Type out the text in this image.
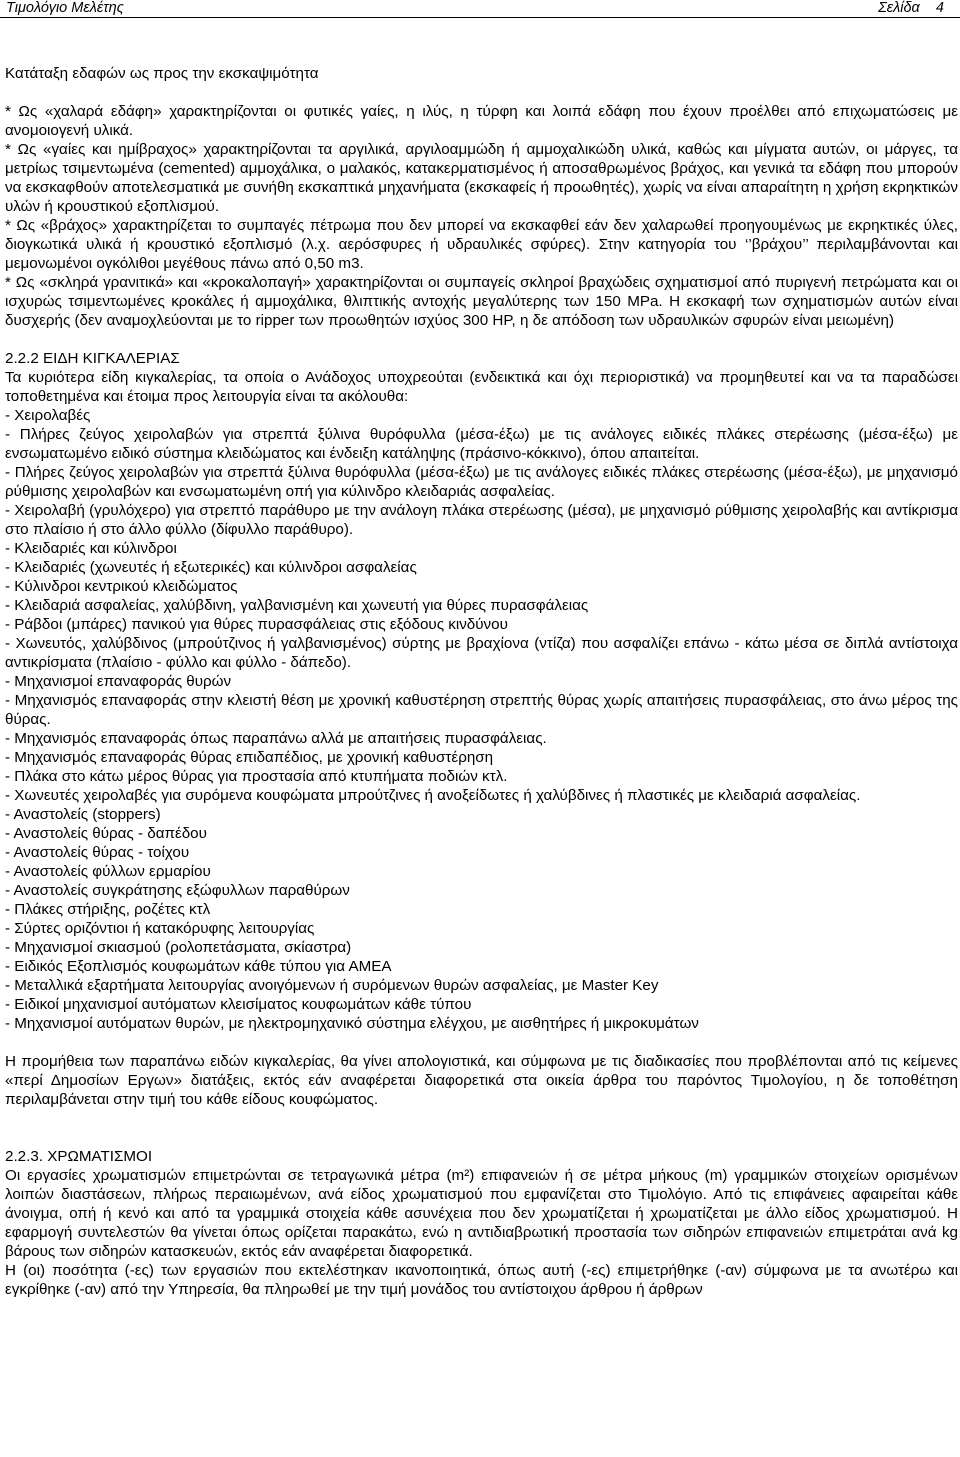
Τιμολόγιο Μελέτης	Σελίδα    4

Κατάταξη εδαφών ως προς την εκσκαψιμότητα

* Ως «χαλαρά εδάφη» χαρακτηρίζονται οι φυτικές γαίες, η ιλύς, η τύρφη και λοιπά εδάφη που έχουν προέλθει από επιχωματώσεις με ανομοιογενή υλικά.

* Ως «γαίες και ημίβραχος» χαρακτηρίζονται τα αργιλικά, αργιλοαμμώδη ή αμμοχαλικώδη υλικά, καθώς και μίγματα αυτών, οι μάργες, τα μετρίως τσιμεντωμένα (cemented) αμμοχάλικα, ο μαλακός, κατακερματισμένος ή αποσαθρωμένος βράχος, και γενικά τα εδάφη που μπορούν να εκσκαφθούν αποτελεσματικά με συνήθη εκσκαπτικά μηχανήματα (εκσκαφείς ή προωθητές), χωρίς να είναι απαραίτητη η χρήση εκρηκτικών υλών ή κρουστικού εξοπλισμού.

* Ως «βράχος» χαρακτηρίζεται το συμπαγές πέτρωμα που δεν μπορεί να εκσκαφθεί εάν δεν χαλαρωθεί προηγουμένως με εκρηκτικές ύλες, διογκωτικά υλικά ή κρουστικό εξοπλισμό (λ.χ. αερόσφυρες ή υδραυλικές σφύρες). Στην κατηγορία του ‘’βράχου’’ περιλαμβάνονται και μεμονωμένοι ογκόλιθοι μεγέθους πάνω από 0,50 m3.

* Ως «σκληρά γρανιτικά» και «κροκαλοπαγή» χαρακτηρίζονται οι συμπαγείς σκληροί βραχώδεις σχηματισμοί από πυριγενή πετρώματα και οι ισχυρώς τσιμεντωμένες κροκάλες ή αμμοχάλικα, θλιπτικής αντοχής μεγαλύτερης των 150 MPa. Η εκσκαφή των σχηματισμών αυτών είναι δυσχερής (δεν αναμοχλεύονται με το ripper των προωθητών ισχύος 300 HP, η δε απόδοση των υδραυλικών σφυρών είναι μειωμένη)

2.2.2 ΕΙΔΗ ΚΙΓΚΑΛΕΡΙΑΣ

Τα κυριότερα είδη κιγκαλερίας, τα οποία ο Ανάδοχος υποχρεούται (ενδεικτικά και όχι περιοριστικά) να προμηθευτεί και να τα παραδώσει τοποθετημένα και έτοιμα προς λειτουργία είναι τα ακόλουθα:

- Χειρολαβές

- Πλήρες ζεύγος χειρολαβών για στρεπτά ξύλινα θυρόφυλλα (μέσα-έξω) με τις ανάλογες ειδικές πλάκες στερέωσης (μέσα-έξω) με ενσωματωμένο ειδικό σύστημα κλειδώματος και ένδειξη κατάληψης (πράσινο-κόκκινο), όπου απαιτείται.

- Πλήρες ζεύγος χειρολαβών για στρεπτά ξύλινα θυρόφυλλα (μέσα-έξω) με τις ανάλογες ειδικές πλάκες στερέωσης (μέσα-έξω), με μηχανισμό ρύθμισης χειρολαβών και ενσωματωμένη οπή για κύλινδρο κλειδαριάς ασφαλείας.

- Χειρολαβή (γρυλόχερο) για στρεπτό παράθυρο με την ανάλογη πλάκα στερέωσης (μέσα), με μηχανισμό ρύθμισης χειρολαβής και αντίκρισμα στο πλαίσιο ή στο άλλο φύλλο (δίφυλλο παράθυρο).

- Κλειδαριές και κύλινδροι

- Κλειδαριές (χωνευτές ή εξωτερικές) και κύλινδροι ασφαλείας

- Κύλινδροι κεντρικού κλειδώματος

- Κλειδαριά ασφαλείας, χαλύβδινη, γαλβανισμένη και χωνευτή για θύρες πυρασφάλειας

- Ράβδοι (μπάρες) πανικού για θύρες πυρασφάλειας στις εξόδους κινδύνου

- Χωνευτός, χαλύβδινος (μπρούτζινος ή γαλβανισμένος) σύρτης με βραχίονα (ντίζα) που ασφαλίζει επάνω - κάτω μέσα σε διπλά αντίστοιχα αντικρίσματα (πλαίσιο - φύλλο και φύλλο - δάπεδο).

- Μηχανισμοί επαναφοράς θυρών

- Μηχανισμός επαναφοράς στην κλειστή θέση με χρονική καθυστέρηση στρεπτής θύρας χωρίς απαιτήσεις πυρασφάλειας, στο άνω μέρος της θύρας.

- Μηχανισμός επαναφοράς όπως παραπάνω αλλά με απαιτήσεις πυρασφάλειας.

- Μηχανισμός επαναφοράς θύρας επιδαπέδιος, με χρονική καθυστέρηση

- Πλάκα στο κάτω μέρος θύρας για προστασία από κτυπήματα ποδιών κτλ.

- Χωνευτές χειρολαβές για συρόμενα κουφώματα μπρούτζινες ή ανοξείδωτες ή χαλύβδινες ή πλαστικές με κλειδαριά ασφαλείας.

- Αναστολείς (stoppers)

- Αναστολείς θύρας - δαπέδου

- Αναστολείς θύρας - τοίχου

- Αναστολείς φύλλων ερμαρίου

- Αναστολείς συγκράτησης εξώφυλλων παραθύρων

- Πλάκες στήριξης, ροζέτες κτλ

- Σύρτες οριζόντιοι ή κατακόρυφης λειτουργίας

- Μηχανισμοί σκιασμού (ρολοπετάσματα, σκίαστρα)

- Ειδικός Εξοπλισμός κουφωμάτων κάθε τύπου για ΑΜΕΑ

- Μεταλλικά εξαρτήματα λειτουργίας ανοιγόμενων ή συρόμενων θυρών ασφαλείας, με Master Key

- Ειδικοί μηχανισμοί αυτόματων κλεισίματος κουφωμάτων κάθε τύπου

- Μηχανισμοί αυτόματων θυρών, με ηλεκτρομηχανικό σύστημα ελέγχου, με αισθητήρες ή μικροκυμάτων

Η προμήθεια των παραπάνω ειδών κιγκαλερίας, θα γίνει απολογιστικά, και σύμφωνα με τις διαδικασίες που προβλέπονται από τις κείμενες «περί Δημοσίων Εργων» διατάξεις, εκτός εάν αναφέρεται διαφορετικά στα οικεία άρθρα του παρόντος Τιμολογίου, η δε τοποθέτηση περιλαμβάνεται στην τιμή του κάθε είδους κουφώματος.

2.2.3. ΧΡΩΜΑΤΙΣΜΟΙ

Οι εργασίες χρωματισμών επιμετρώνται σε τετραγωνικά μέτρα (m²) επιφανειών ή σε μέτρα μήκους (m) γραμμικών στοιχείων ορισμένων λοιπών διαστάσεων, πλήρως περαιωμένων, ανά είδος χρωματισμού που εμφανίζεται στο Τιμολόγιο. Από τις επιφάνειες αφαιρείται κάθε άνοιγμα, οπή ή κενό και από τα γραμμικά στοιχεία κάθε ασυνέχεια που δεν χρωματίζεται ή χρωματίζεται με άλλο είδος χρωματισμού. Η εφαρμογή συντελεστών θα γίνεται όπως ορίζεται παρακάτω, ενώ η αντιδιαβρωτική προστασία των σιδηρών επιφανειών επιμετράται ανά kg βάρους των σιδηρών κατασκευών, εκτός εάν αναφέρεται διαφορετικά.

Η (οι) ποσότητα (-ες) των εργασιών που εκτελέστηκαν ικανοποιητικά, όπως αυτή (-ες) επιμετρήθηκε (-αν) σύμφωνα με τα ανωτέρω και εγκρίθηκε (-αν) από την Υπηρεσία, θα πληρωθεί με την τιμή μονάδος του αντίστοιχου άρθρου ή άρθρων
